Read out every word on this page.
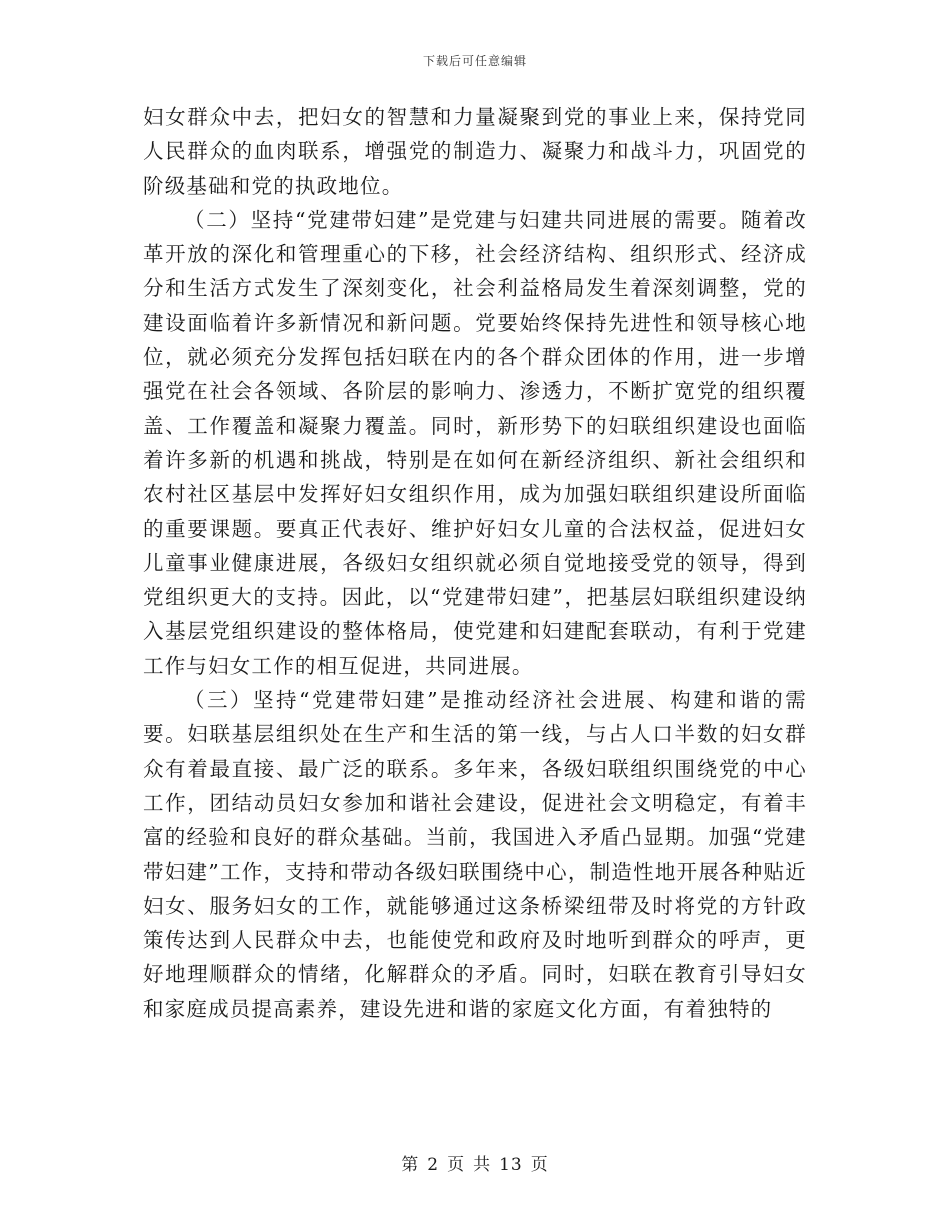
下载后可任意编辑

妇女群众中去，把妇女的智慧和力量凝聚到党的事业上来，保持党同人民群众的血肉联系，增强党的制造力、凝聚力和战斗力，巩固党的阶级基础和党的执政地位。

（二）坚持“党建带妇建”是党建与妇建共同进展的需要。随着改革开放的深化和管理重心的下移，社会经济结构、组织形式、经济成分和生活方式发生了深刻变化，社会利益格局发生着深刻调整，党的建设面临着许多新情况和新问题。党要始终保持先进性和领导核心地位，就必须充分发挥包括妇联在内的各个群众团体的作用，进一步增强党在社会各领域、各阶层的影响力、渗透力，不断扩宽党的组织覆盖、工作覆盖和凝聚力覆盖。同时，新形势下的妇联组织建设也面临着许多新的机遇和挑战，特别是在如何在新经济组织、新社会组织和农村社区基层中发挥好妇女组织作用，成为加强妇联组织建设所面临的重要课题。要真正代表好、维护好妇女儿童的合法权益，促进妇女儿童事业健康进展，各级妇女组织就必须自觉地接受党的领导，得到党组织更大的支持。因此，以“党建带妇建”，把基层妇联组织建设纳入基层党组织建设的整体格局，使党建和妇建配套联动，有利于党建工作与妇女工作的相互促进，共同进展。

（三）坚持“党建带妇建”是推动经济社会进展、构建和谐的需要。妇联基层组织处在生产和生活的第一线，与占人口半数的妇女群众有着最直接、最广泛的联系。多年来，各级妇联组织围绕党的中心工作，团结动员妇女参加和谐社会建设，促进社会文明稳定，有着丰富的经验和良好的群众基础。当前，我国进入矛盾凸显期。加强“党建带妇建”工作，支持和带动各级妇联围绕中心，制造性地开展各种贴近妇女、服务妇女的工作，就能够通过这条桥梁纽带及时将党的方针政策传达到人民群众中去，也能使党和政府及时地听到群众的呼声，更好地理顺群众的情绪，化解群众的矛盾。同时，妇联在教育引导妇女和家庭成员提高素养，建设先进和谐的家庭文化方面，有着独特的

第 2 页 共 13 页
